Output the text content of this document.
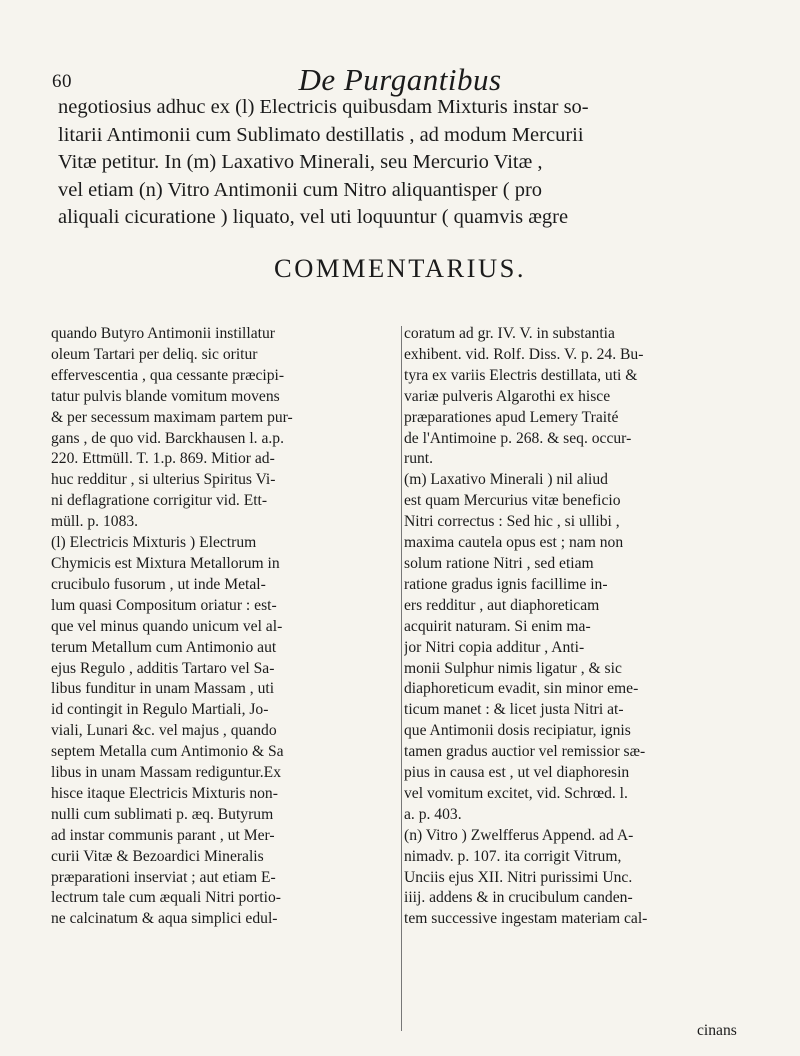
60	De Purgantibus
negotiosius adhuc ex (l) Electricis quibusdam Mixturis instar so-
litarii Antimonii cum Sublimato destillatis , ad modum Mercurii
Vitæ petitur. In (m) Laxativo Minerali, seu Mercurio Vitæ ,
vel etiam (n) Vitro Antimonii cum Nitro aliquantisper ( pro
aliquali cicuratione ) liquato, vel uti loquuntur ( quamvis ægre
COMMENTARIUS.
quando Butyro Antimonii instillatur
oleum Tartari per deliq. sic oritur
effervescentia , qua cessante præcipi-
tatur pulvis blande vomitum movens
& per secessum maximam partem pur-
gans , de quo vid. Barckhausen l. a.p.
220. Ettmüll. T. 1.p. 869. Mitior ad-
huc redditur , si ulterius Spiritus Vi-
ni deflagratione corrigitur vid. Ett-
müll. p. 1083.
(l) Electricis Mixturis ) Electrum
Chymicis est Mixtura Metallorum in
crucibulo fusorum , ut inde Metal-
lum quasi Compositum oriatur : est-
que vel minus quando unicum vel al-
terum Metallum cum Antimonio aut
ejus Regulo , additis Tartaro vel Sa-
libus funditur in unam Massam , uti
id contingit in Regulo Martiali, Jo-
viali, Lunari &c. vel majus , quando
septem Metalla cum Antimonio & Sa
libus in unam Massam rediguntur.Ex
hisce itaque Electricis Mixturis non-
nulli cum sublimati p. æq. Butyrum
ad instar communis parant , ut Mer-
curii Vitæ & Bezoardici Mineralis
præparationi inserviat ; aut etiam E-
lectrum tale cum æquali Nitri portio-
ne calcinatum & aqua simplici edul-
coratum ad gr. IV. V. in substantia
exhibent. vid. Rolf. Diss. V. p. 24. Bu-
tyra ex variis Electris destillata, uti &
variæ pulveris Algarothi ex hisce
præparationes apud Lemery Traité
de l'Antimoine p. 268. & seq. occur-
runt.
(m) Laxativo Minerali ) nil aliud
est quam Mercurius vitæ beneficio
Nitri correctus : Sed hic , si ullibi ,
maxima cautela opus est ; nam non
solum ratione Nitri , sed etiam
ratione gradus ignis facillime in-
ers redditur , aut diaphoreticam
acquirit naturam. Si enim ma-
jor Nitri copia additur , Anti-
monii Sulphur nimis ligatur , & sic
diaphoreticum evadit, sin minor eme-
ticum manet : & licet justa Nitri at-
que Antimonii dosis recipiatur, ignis
tamen gradus auctior vel remissior sæ-
pius in causa est , ut vel diaphoresin
vel vomitum excitet, vid. Schrœd. l.
a. p. 403.
(n) Vitro ) Zwelfferus Append. ad A-
nimadv. p. 107. ita corrigit Vitrum,
Unciis ejus XII. Nitri purissimi Unc.
iiij. addens & in crucibulum canden-
tem successive ingestam materiam cal-
cinans
